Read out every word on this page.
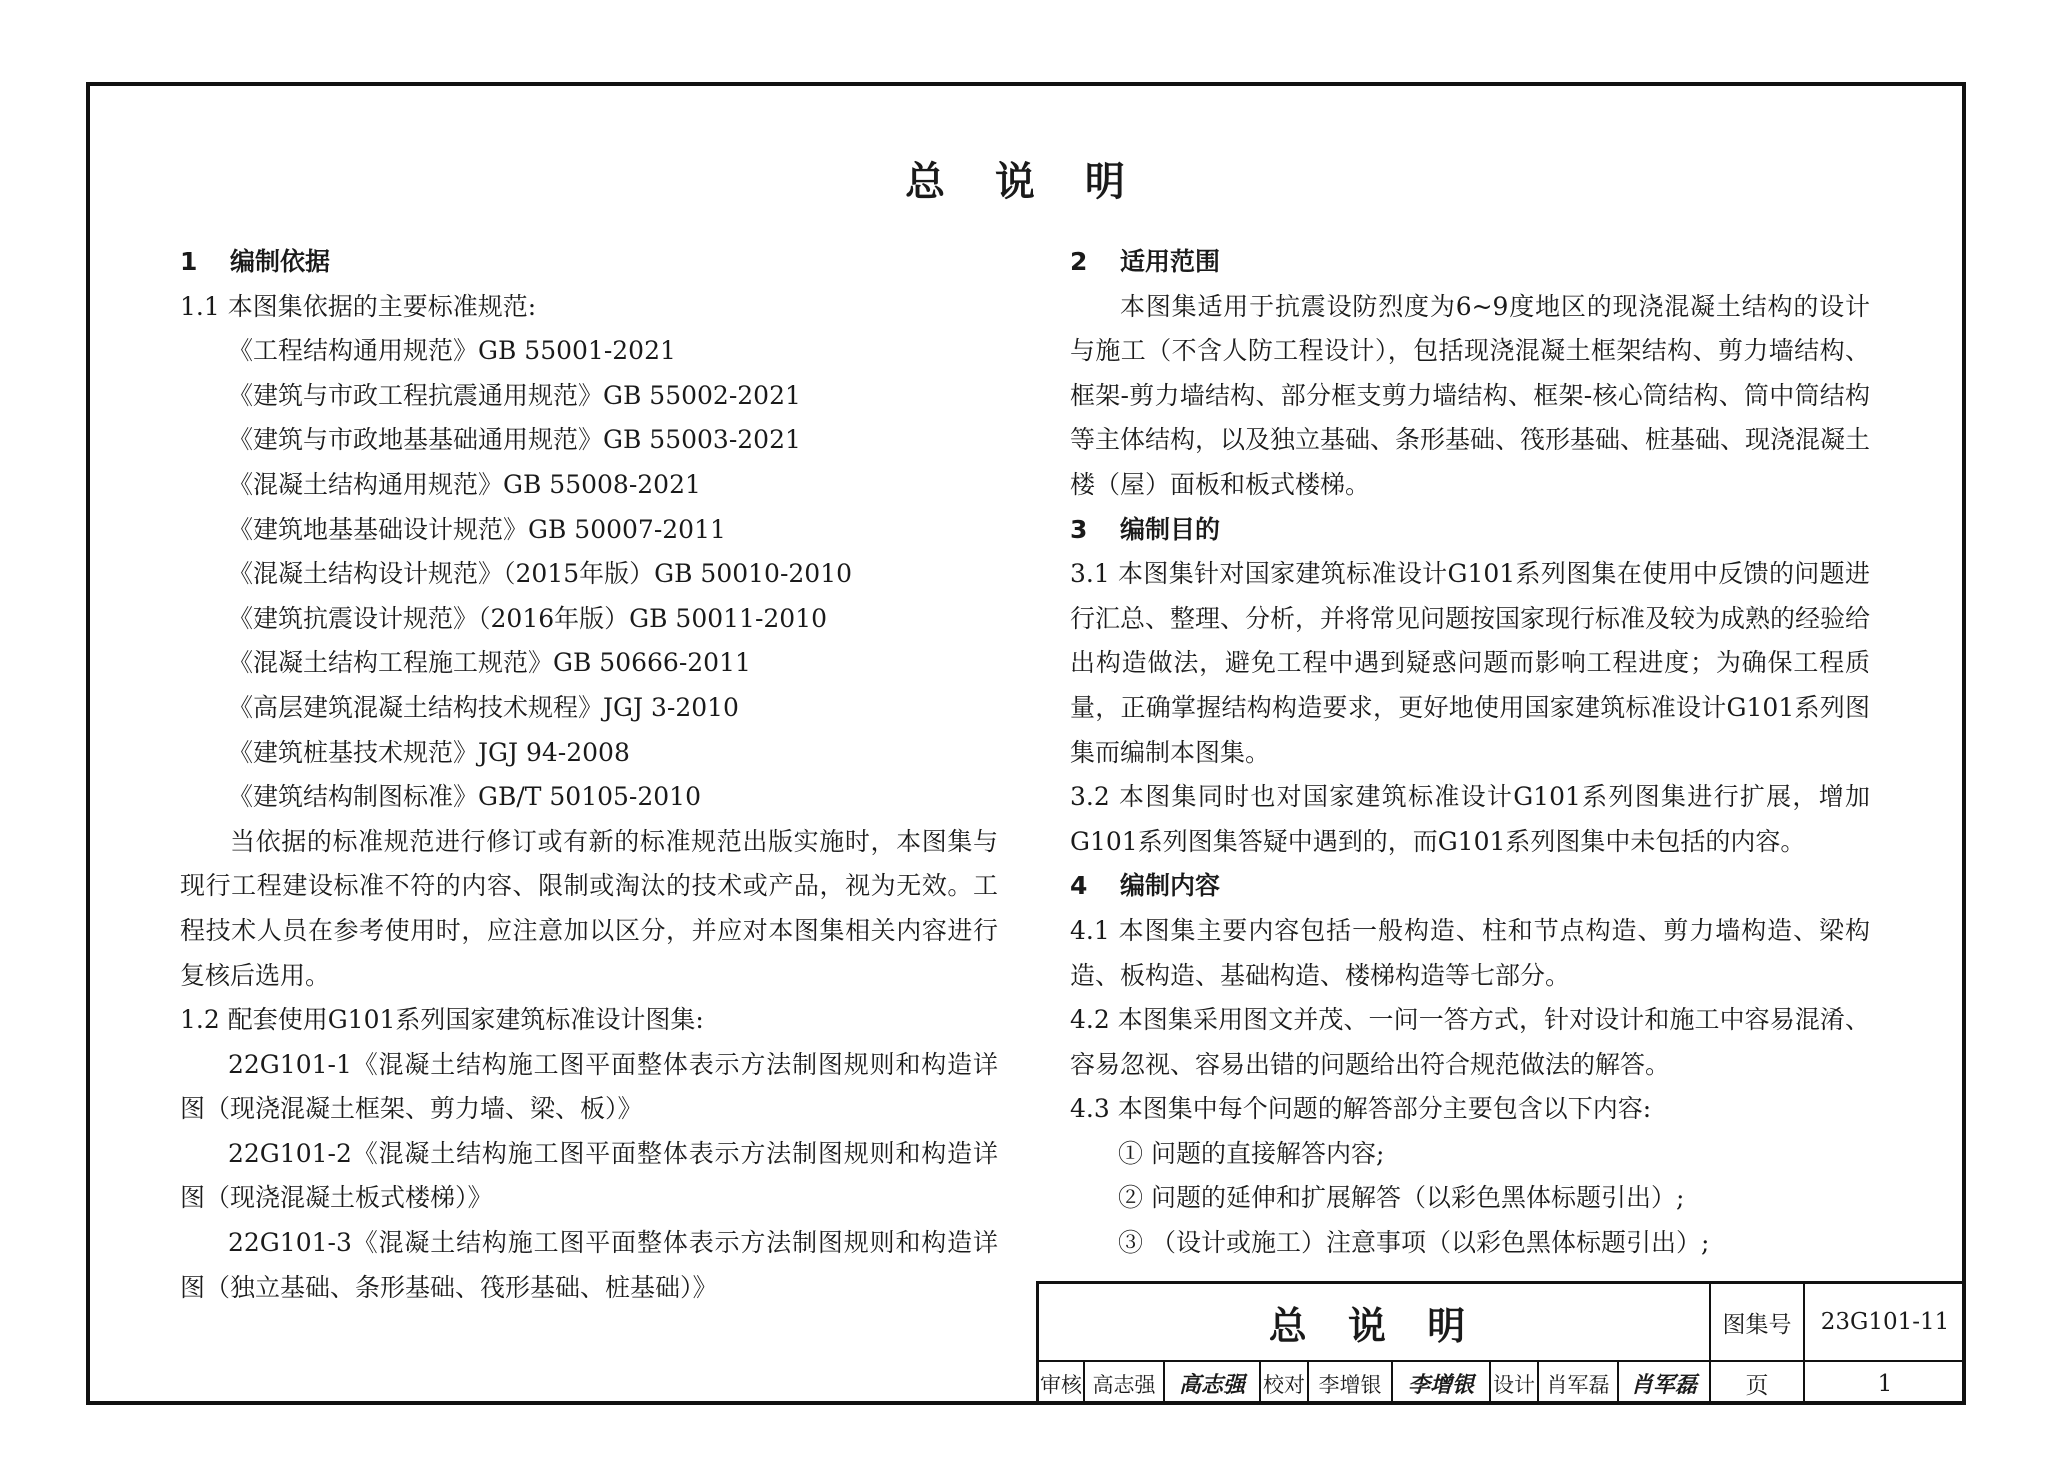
总 说 明
1 编制依据
1.1 本图集依据的主要标准规范:
《工程结构通用规范》GB 55001-2021
《建筑与市政工程抗震通用规范》GB 55002-2021
《建筑与市政地基基础通用规范》GB 55003-2021
《混凝土结构通用规范》GB 55008-2021
《建筑地基基础设计规范》GB 50007-2011
《混凝土结构设计规范》（2015年版）GB 50010-2010
《建筑抗震设计规范》（2016年版）GB 50011-2010
《混凝土结构工程施工规范》GB 50666-2011
《高层建筑混凝土结构技术规程》JGJ 3-2010
《建筑桩基技术规范》JGJ 94-2008
《建筑结构制图标准》GB/T 50105-2010
当依据的标准规范进行修订或有新的标准规范出版实施时，本图集与现行工程建设标准不符的内容、限制或淘汰的技术或产品，视为无效。工程技术人员在参考使用时，应注意加以区分，并应对本图集相关内容进行复核后选用。
1.2 配套使用G101系列国家建筑标准设计图集:
22G101-1《混凝土结构施工图平面整体表示方法制图规则和构造详图（现浇混凝土框架、剪力墙、梁、板）》
22G101-2《混凝土结构施工图平面整体表示方法制图规则和构造详图（现浇混凝土板式楼梯）》
22G101-3《混凝土结构施工图平面整体表示方法制图规则和构造详图（独立基础、条形基础、筏形基础、桩基础）》
2 适用范围
本图集适用于抗震设防烈度为6~9度地区的现浇混凝土结构的设计与施工（不含人防工程设计），包括现浇混凝土框架结构、剪力墙结构、框架-剪力墙结构、部分框支剪力墙结构、框架-核心筒结构、筒中筒结构等主体结构，以及独立基础、条形基础、筏形基础、桩基础、现浇混凝土楼（屋）面板和板式楼梯。
3 编制目的
3.1 本图集针对国家建筑标准设计G101系列图集在使用中反馈的问题进行汇总、整理、分析，并将常见问题按国家现行标准及较为成熟的经验给出构造做法，避免工程中遇到疑惑问题而影响工程进度；为确保工程质量，正确掌握结构构造要求，更好地使用国家建筑标准设计G101系列图集而编制本图集。
3.2 本图集同时也对国家建筑标准设计G101系列图集进行扩展，增加G101系列图集答疑中遇到的，而G101系列图集中未包括的内容。
4 编制内容
4.1 本图集主要内容包括一般构造、柱和节点构造、剪力墙构造、梁构造、板构造、基础构造、楼梯构造等七部分。
4.2 本图集采用图文并茂、一问一答方式，针对设计和施工中容易混淆、容易忽视、容易出错的问题给出符合规范做法的解答。
4.3 本图集中每个问题的解答部分主要包含以下内容:
① 问题的直接解答内容;
② 问题的延伸和扩展解答（以彩色黑体标题引出）;
③ （设计或施工）注意事项（以彩色黑体标题引出）;
总 说 明	图集号	23G101-11
审核 高志强	高志强 校对 李增银	李增银 设计 肖军磊 肖军磊	页	1
